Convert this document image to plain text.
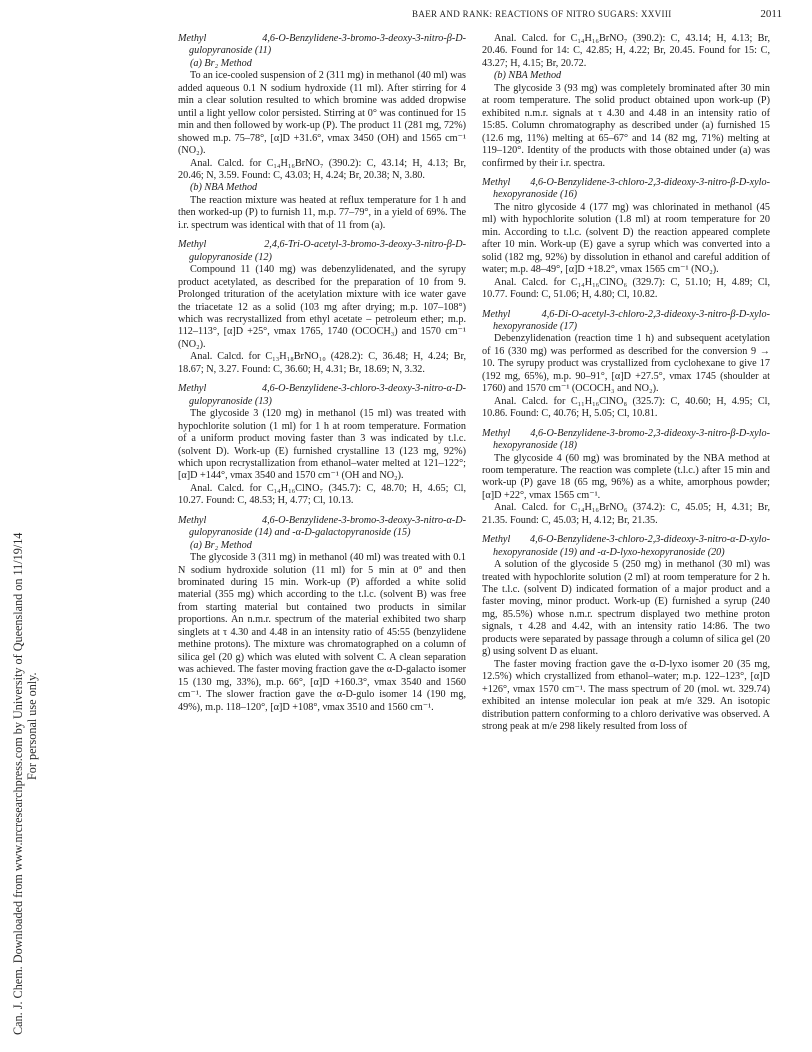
Can. J. Chem. Downloaded from www.nrcresearchpress.com by University of Queensland on 11/19/14 For personal use only.
BAER AND RANK: REACTIONS OF NITRO SUGARS: XXVIII	2011

Methyl 4,6-O-Benzylidene-3-bromo-3-deoxy-3-nitro-β-D-gulopyranoside (11)

(a) Br₂ Method

To an ice-cooled suspension of 2 (311 mg) in methanol (40 ml) was added aqueous 0.1 N sodium hydroxide (11 ml). After stirring for 4 min a clear solution resulted to which bromine was added dropwise until a light yellow color persisted. Stirring at 0° was continued for 15 min and then followed by work-up (P). The product 11 (281 mg, 72%) showed m.p. 75–78°, [α]D +31.6°, νmax 3450 (OH) and 1565 cm⁻¹ (NO₂).

Anal. Calcd. for C₁₄H₁₆BrNO₇ (390.2): C, 43.14; H, 4.13; Br, 20.46; N, 3.59. Found: C, 43.03; H, 4.24; Br, 20.38; N, 3.80.

(b) NBA Method

The reaction mixture was heated at reflux temperature for 1 h and then worked-up (P) to furnish 11, m.p. 77–79°, in a yield of 69%. The i.r. spectrum was identical with that of 11 from (a).

Methyl 2,4,6-Tri-O-acetyl-3-bromo-3-deoxy-3-nitro-β-D-gulopyranoside (12)

Compound 11 (140 mg) was debenzylidenated, and the syrupy product acetylated, as described for the preparation of 10 from 9. Prolonged trituration of the acetylation mixture with ice water gave the triacetate 12 as a solid (103 mg after drying; m.p. 107–108°) which was recrystallized from ethyl acetate – petroleum ether; m.p. 112–113°, [α]D +25°, νmax 1765, 1740 (OCOCH₃) and 1570 cm⁻¹ (NO₂).

Anal. Calcd. for C₁₃H₁₈BrNO₁₀ (428.2): C, 36.48; H, 4.24; Br, 18.67; N, 3.27. Found: C, 36.60; H, 4.31; Br, 18.69; N, 3.32.

Methyl 4,6-O-Benzylidene-3-chloro-3-deoxy-3-nitro-α-D-gulopyranoside (13)

The glycoside 3 (120 mg) in methanol (15 ml) was treated with hypochlorite solution (1 ml) for 1 h at room temperature. Formation of a uniform product moving faster than 3 was indicated by t.l.c. (solvent D). Work-up (E) furnished crystalline 13 (123 mg, 92%) which upon recrystallization from ethanol–water melted at 121–122°; [α]D +144°, νmax 3540 and 1570 cm⁻¹ (OH and NO₂).

Anal. Calcd. for C₁₄H₁₆ClNO₇ (345.7): C, 48.70; H, 4.65; Cl, 10.27. Found: C, 48.53; H, 4.77; Cl, 10.13.

Methyl 4,6-O-Benzylidene-3-bromo-3-deoxy-3-nitro-α-D-gulopyranoside (14) and -α-D-galactopyranoside (15)

(a) Br₂ Method

The glycoside 3 (311 mg) in methanol (40 ml) was treated with 0.1 N sodium hydroxide solution (11 ml) for 5 min at 0° and then brominated during 15 min. Work-up (P) afforded a white solid material (355 mg) which according to the t.l.c. (solvent B) was free from starting material but contained two products in similar proportions. An n.m.r. spectrum of the material exhibited two sharp singlets at τ 4.30 and 4.48 in an intensity ratio of 45:55 (benzylidene methine protons). The mixture was chromatographed on a column of silica gel (20 g) which was eluted with solvent C. A clean separation was achieved. The faster moving fraction gave the α-D-galacto isomer 15 (130 mg, 33%), m.p. 66°, [α]D +160.3°, νmax 3540 and 1560 cm⁻¹. The slower fraction gave the α-D-gulo isomer 14 (190 mg, 49%), m.p. 118–120°, [α]D +108°, νmax 3510 and 1560 cm⁻¹.

Anal. Calcd. for C₁₄H₁₆BrNO₇ (390.2): C, 43.14; H, 4.13; Br, 20.46. Found for 14: C, 42.85; H, 4.22; Br, 20.45. Found for 15: C, 43.27; H, 4.15; Br, 20.72.

(b) NBA Method

The glycoside 3 (93 mg) was completely brominated after 30 min at room temperature. The solid product obtained upon work-up (P) exhibited n.m.r. signals at τ 4.30 and 4.48 in an intensity ratio of 15:85. Column chromatography as described under (a) furnished 15 (12.6 mg, 11%) melting at 65–67° and 14 (82 mg, 71%) melting at 119–120°. Identity of the products with those obtained under (a) was confirmed by their i.r. spectra.

Methyl 4,6-O-Benzylidene-3-chloro-2,3-dideoxy-3-nitro-β-D-xylo-hexopyranoside (16)

The nitro glycoside 4 (177 mg) was chlorinated in methanol (45 ml) with hypochlorite solution (1.8 ml) at room temperature for 20 min. According to t.l.c. (solvent D) the reaction appeared complete after 10 min. Work-up (E) gave a syrup which was converted into a solid (182 mg, 92%) by dissolution in ethanol and careful addition of water; m.p. 48–49°, [α]D +18.2°, νmax 1565 cm⁻¹ (NO₂).

Anal. Calcd. for C₁₄H₁₆ClNO₆ (329.7): C, 51.10; H, 4.89; Cl, 10.77. Found: C, 51.06; H, 4.80; Cl, 10.82.

Methyl 4,6-Di-O-acetyl-3-chloro-2,3-dideoxy-3-nitro-β-D-xylo-hexopyranoside (17)

Debenzylidenation (reaction time 1 h) and subsequent acetylation of 16 (330 mg) was performed as described for the conversion 9 → 10. The syrupy product was crystallized from cyclohexane to give 17 (192 mg, 65%), m.p. 90–91°, [α]D +27.5°, νmax 1745 (shoulder at 1760) and 1570 cm⁻¹ (OCOCH₃ and NO₂).

Anal. Calcd. for C₁₁H₁₆ClNO₈ (325.7): C, 40.60; H, 4.95; Cl, 10.86. Found: C, 40.76; H, 5.05; Cl, 10.81.

Methyl 4,6-O-Benzylidene-3-bromo-2,3-dideoxy-3-nitro-β-D-xylo-hexopyranoside (18)

The glycoside 4 (60 mg) was brominated by the NBA method at room temperature. The reaction was complete (t.l.c.) after 15 min and work-up (P) gave 18 (65 mg, 96%) as a white, amorphous powder; [α]D +22°, νmax 1565 cm⁻¹.

Anal. Calcd. for C₁₄H₁₆BrNO₆ (374.2): C, 45.05; H, 4.31; Br, 21.35. Found: C, 45.03; H, 4.12; Br, 21.35.

Methyl 4,6-O-Benzylidene-3-chloro-2,3-dideoxy-3-nitro-α-D-xylo-hexopyranoside (19) and -α-D-lyxo-hexopyranoside (20)

A solution of the glycoside 5 (250 mg) in methanol (30 ml) was treated with hypochlorite solution (2 ml) at room temperature for 2 h. The t.l.c. (solvent D) indicated formation of a major product and a faster moving, minor product. Work-up (E) furnished a syrup (240 mg, 85.5%) whose n.m.r. spectrum displayed two methine proton signals, τ 4.28 and 4.42, with an intensity ratio 14:86. The two products were separated by passage through a column of silica gel (20 g) using solvent D as eluant.

The faster moving fraction gave the α-D-lyxo isomer 20 (35 mg, 12.5%) which crystallized from ethanol–water; m.p. 122–123°, [α]D +126°, νmax 1570 cm⁻¹. The mass spectrum of 20 (mol. wt. 329.74) exhibited an intense molecular ion peak at m/e 329. An isotopic distribution pattern conforming to a chloro derivative was observed. A strong peak at m/e 298 likely resulted from loss of
